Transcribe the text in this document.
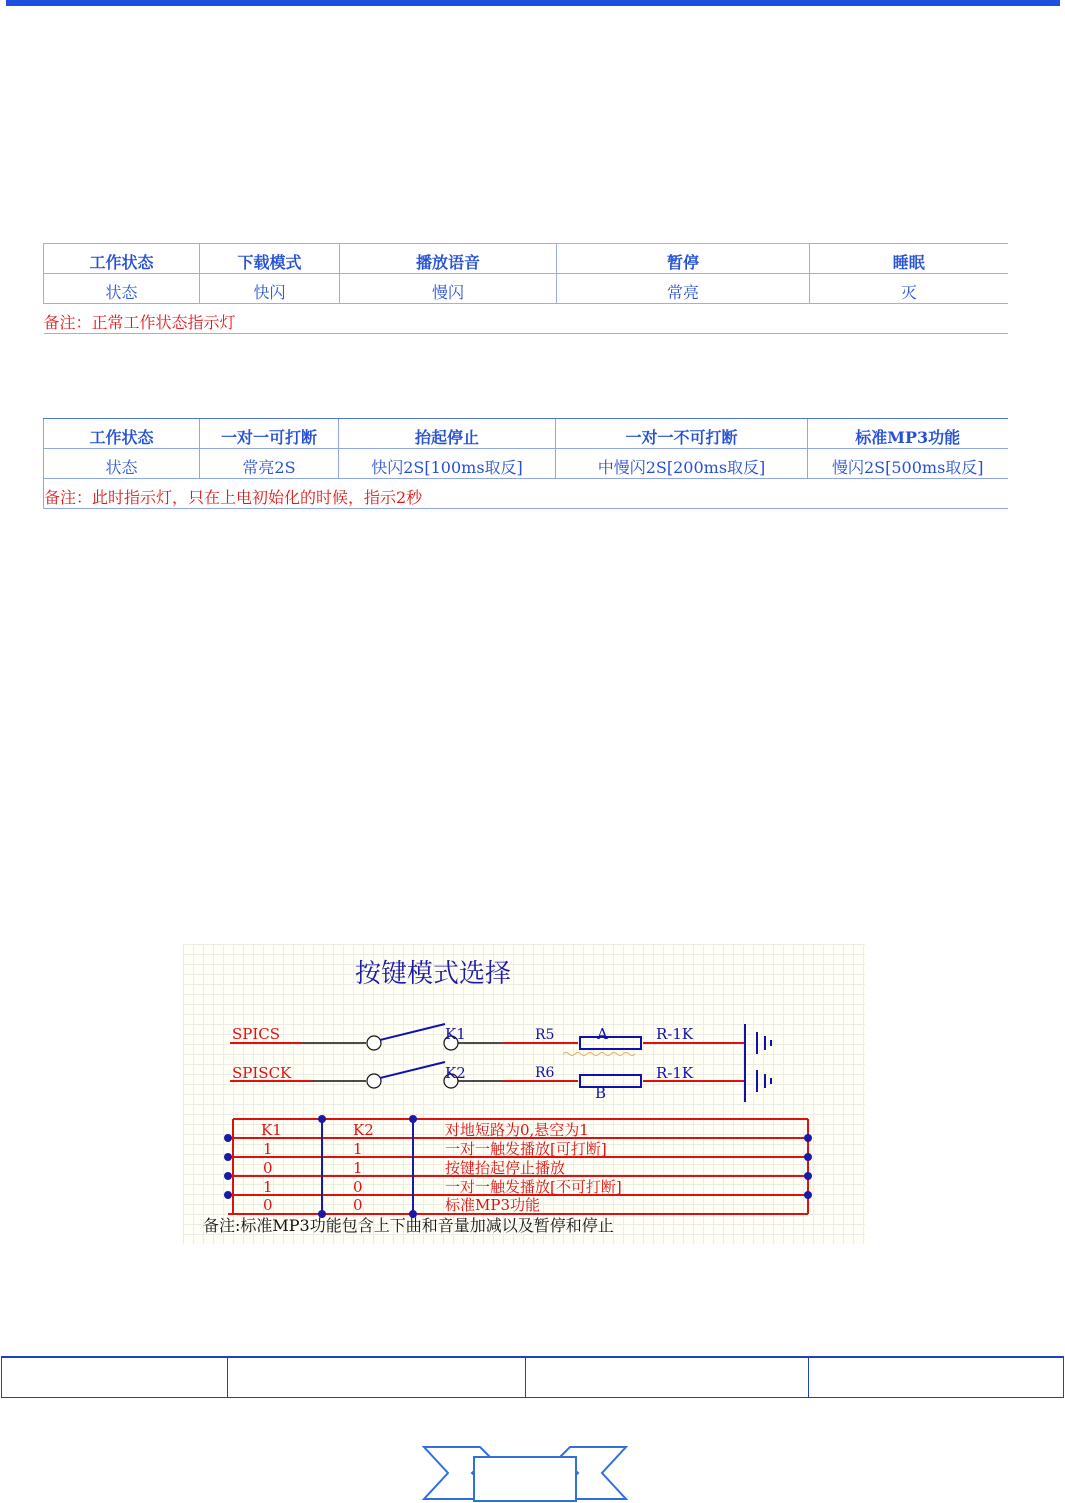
工作状态	下载模式	播放语音	暂停	睡眠
状态	快闪	慢闪	常亮	灭
备注：正常工作状态指示灯				
工作状态	一对一可打断	抬起停止	一对一不可打断	标准MP3功能
状态	常亮2S	快闪2S[100ms取反]	中慢闪2S[200ms取反]	慢闪2S[500ms取反]
备注：此时指示灯，只在上电初始化的时候，指示2秒				
按键模式选择
SPICS	K1	R5	A	R-1K
SPISCK	K2	R6
B
R-1K
K1	K2	对地短路为0,悬空为1
1	1	一对一触发播放[可打断]
0	1	按键抬起停止播放
1	0	一对一触发播放[不可打断]
0	0	标准MP3功能
备注:标准MP3功能包含上下曲和音量加减以及暂停和停止
